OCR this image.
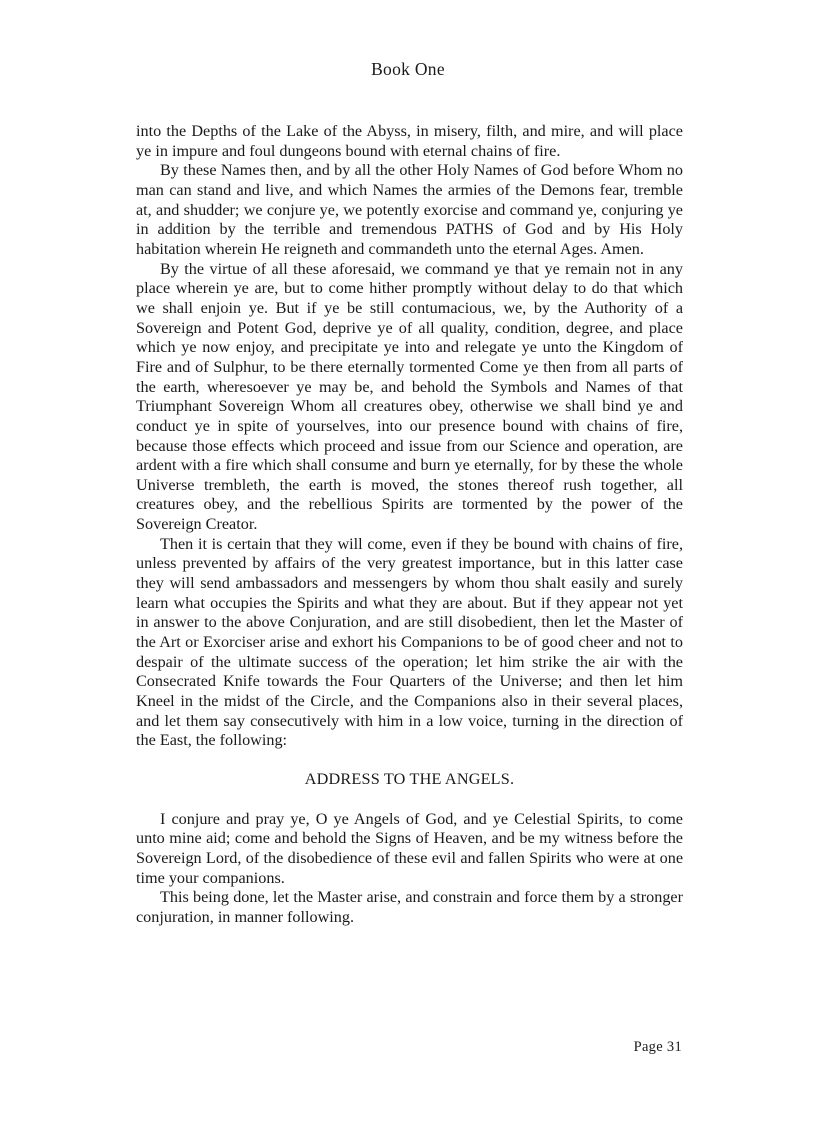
Book One

into the Depths of the Lake of the Abyss, in misery, filth, and mire, and will place ye in impure and foul dungeons bound with eternal chains of fire.

By these Names then, and by all the other Holy Names of God before Whom no man can stand and live, and which Names the armies of the Demons fear, tremble at, and shudder; we conjure ye, we potently exorcise and command ye, conjuring ye in addition by the terrible and tremendous PATHS of God and by His Holy habitation wherein He reigneth and commandeth unto the eternal Ages. Amen.

By the virtue of all these aforesaid, we command ye that ye remain not in any place wherein ye are, but to come hither promptly without delay to do that which we shall enjoin ye. But if ye be still contumacious, we, by the Authority of a Sovereign and Potent God, deprive ye of all quality, condition, degree, and place which ye now enjoy, and precipitate ye into and relegate ye unto the Kingdom of Fire and of Sulphur, to be there eternally tormented Come ye then from all parts of the earth, wheresoever ye may be, and behold the Symbols and Names of that Triumphant Sovereign Whom all creatures obey, otherwise we shall bind ye and conduct ye in spite of yourselves, into our presence bound with chains of fire, because those effects which proceed and issue from our Science and operation, are ardent with a fire which shall consume and burn ye eternally, for by these the whole Universe trembleth, the earth is moved, the stones thereof rush together, all creatures obey, and the rebellious Spirits are tormented by the power of the Sovereign Creator.

Then it is certain that they will come, even if they be bound with chains of fire, unless prevented by affairs of the very greatest importance, but in this latter case they will send ambassadors and messengers by whom thou shalt easily and surely learn what occupies the Spirits and what they are about. But if they appear not yet in answer to the above Conjuration, and are still disobedient, then let the Master of the Art or Exorciser arise and exhort his Companions to be of good cheer and not to despair of the ultimate success of the operation; let him strike the air with the Consecrated Knife towards the Four Quarters of the Universe; and then let him Kneel in the midst of the Circle, and the Companions also in their several places, and let them say consecutively with him in a low voice, turning in the direction of the East, the following:

ADDRESS TO THE ANGELS.

I conjure and pray ye, O ye Angels of God, and ye Celestial Spirits, to come unto mine aid; come and behold the Signs of Heaven, and be my witness before the Sovereign Lord, of the disobedience of these evil and fallen Spirits who were at one time your companions.

This being done, let the Master arise, and constrain and force them by a stronger conjuration, in manner following.

Page 31
